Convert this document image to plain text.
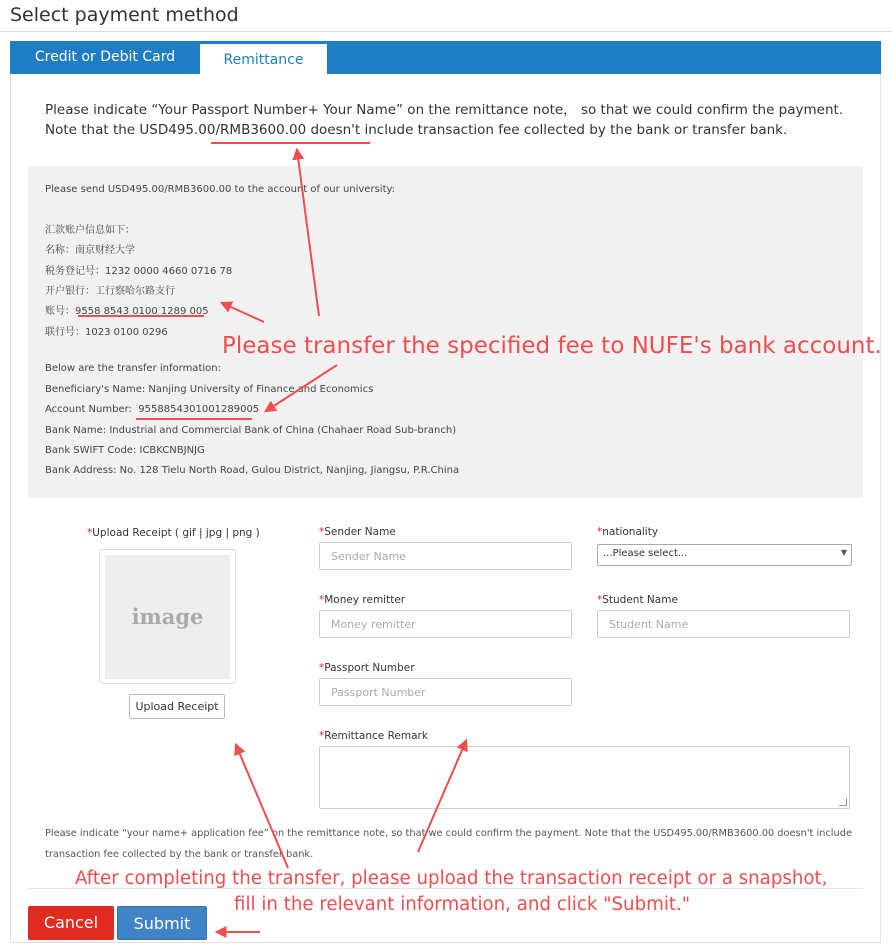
Select payment method
Credit or Debit Card	Remittance
Please indicate “Your Passport Number+ Your Name” on the remittance note， so that we could confirm the payment. Note that the USD495.00/RMB3600.00 doesn't include transaction fee collected by the bank or transfer bank.
Please send USD495.00/RMB3600.00 to the account of our university:
汇款账户信息如下：
名称：南京财经大学
税务登记号：1232 0000 4660 0716 78
开户银行：工行察哈尔路支行
账号：9558 8543 0100 1289 005
联行号：1023 0100 0296
Below are the transfer information:
Beneficiary's Name: Nanjing University of Finance and Economics
Account Number: 9558854301001289005
Bank Name: Industrial and Commercial Bank of China (Chahaer Road Sub-branch)
Bank SWIFT Code: ICBKCNBJNJG
Bank Address: No. 128 Tielu North Road, Gulou District, Nanjing, Jiangsu, P.R.China
*Upload Receipt ( gif | jpg | png )
image
Upload Receipt
*Sender Name
Sender Name
*Money remitter
Money remitter
*Passport Number
Passport Number
*Remittance Remark
*nationality
...Please select...	▼
*Student Name
Student Name
Please indicate “your name+ application fee” on the remittance note, so that we could confirm the payment. Note that the USD495.00/RMB3600.00 doesn't include transaction fee collected by the bank or transfer bank.
Cancel	Submit
Please transfer the specified fee to NUFE's bank account.
After completing the transfer, please upload the transaction receipt or a snapshot,
fill in the relevant information, and click "Submit."
